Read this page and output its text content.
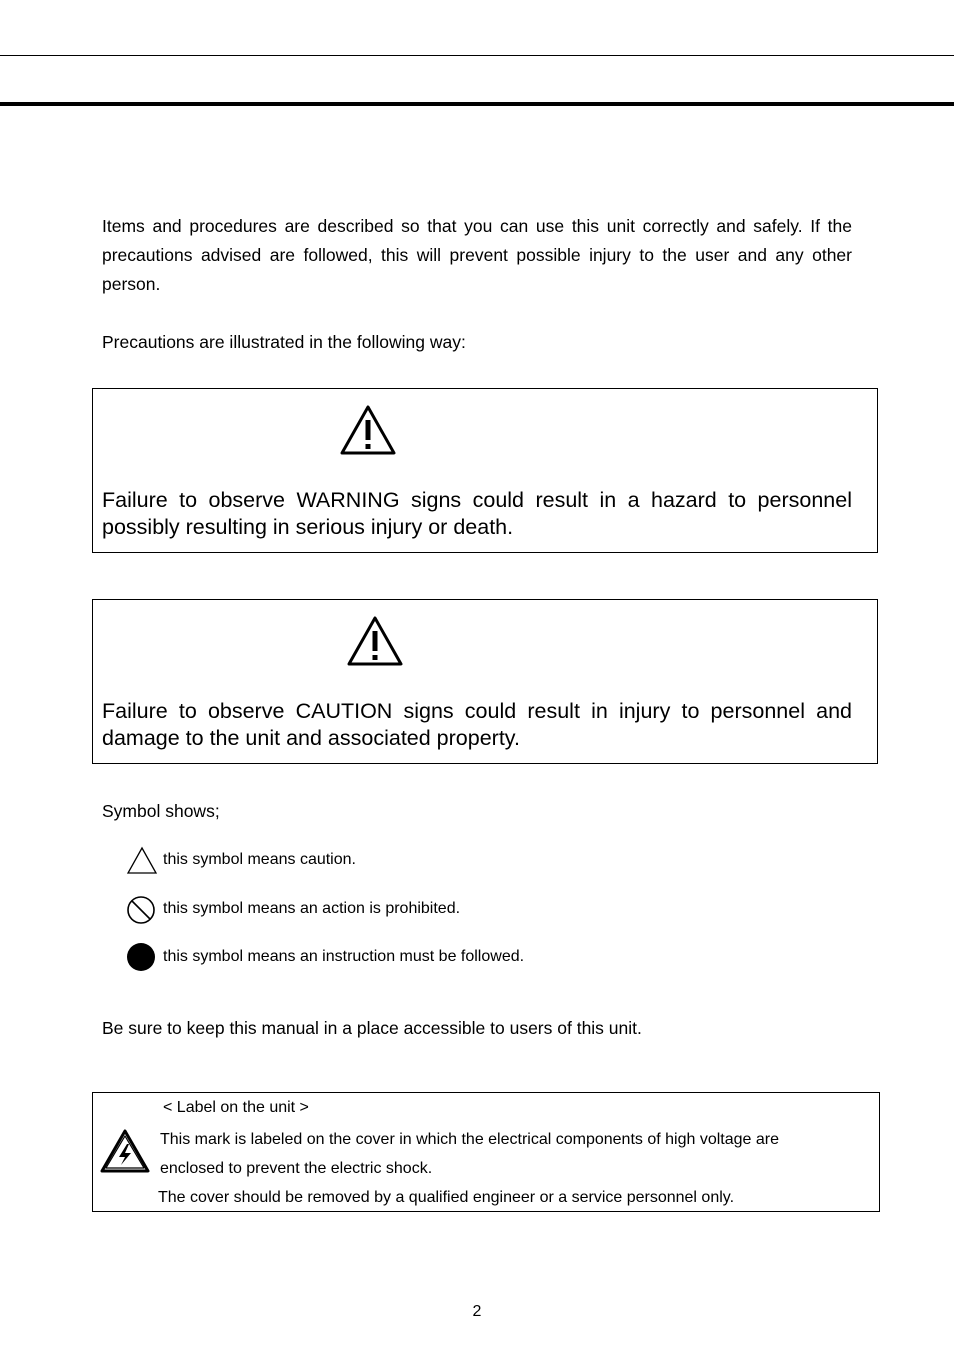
Items and procedures are described so that you can use this unit correctly and safely. If the precautions advised are followed, this will prevent possible injury to the user and any other person.

Precautions are illustrated in the following way:

Failure to observe WARNING signs could result in a hazard to personnel possibly resulting in serious injury or death.

Failure to observe CAUTION signs could result in injury to personnel and damage to the unit and associated property.

Symbol shows;

this symbol means caution.
this symbol means an action is prohibited.
this symbol means an instruction must be followed.

Be sure to keep this manual in a place accessible to users of this unit.

< Label on the unit >
This mark is labeled on the cover in which the electrical components of high voltage are
enclosed to prevent the electric shock.
The cover should be removed by a qualified engineer or a service personnel only.
2
